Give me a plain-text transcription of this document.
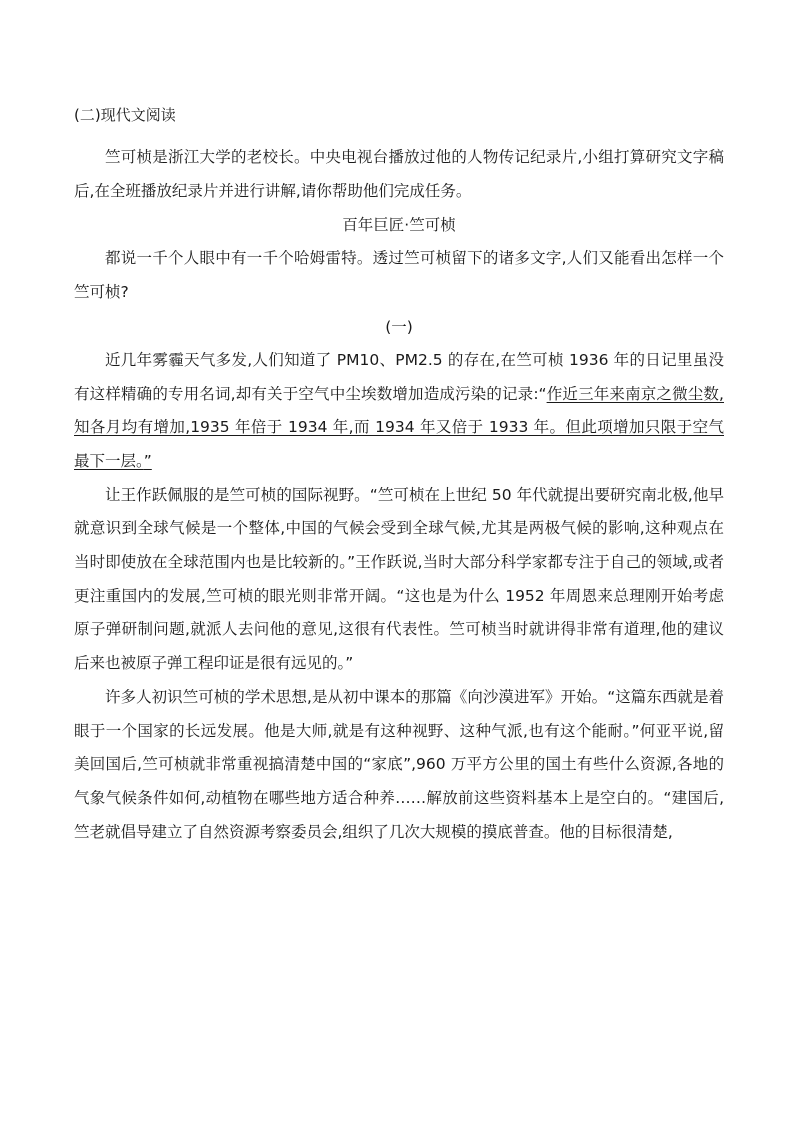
(二)现代文阅读

竺可桢是浙江大学的老校长。中央电视台播放过他的人物传记纪录片,小组打算研究文字稿后,在全班播放纪录片并进行讲解,请你帮助他们完成任务。

百年巨匠·竺可桢

都说一千个人眼中有一千个哈姆雷特。透过竺可桢留下的诸多文字,人们又能看出怎样一个竺可桢?

(一)

近几年雾霾天气多发,人们知道了 PM10、PM2.5 的存在,在竺可桢 1936 年的日记里虽没有这样精确的专用名词,却有关于空气中尘埃数增加造成污染的记录:“作近三年来南京之微尘数,知各月均有增加,1935 年倍于 1934 年,而 1934 年又倍于 1933 年。但此项增加只限于空气最下一层。”

让王作跃佩服的是竺可桢的国际视野。“竺可桢在上世纪 50 年代就提出要研究南北极,他早就意识到全球气候是一个整体,中国的气候会受到全球气候,尤其是两极气候的影响,这种观点在当时即使放在全球范围内也是比较新的。”王作跃说,当时大部分科学家都专注于自己的领域,或者更注重国内的发展,竺可桢的眼光则非常开阔。“这也是为什么 1952 年周恩来总理刚开始考虑原子弹研制问题,就派人去问他的意见,这很有代表性。竺可桢当时就讲得非常有道理,他的建议后来也被原子弹工程印证是很有远见的。”

许多人初识竺可桢的学术思想,是从初中课本的那篇《向沙漠进军》开始。“这篇东西就是着眼于一个国家的长远发展。他是大师,就是有这种视野、这种气派,也有这个能耐。”何亚平说,留美回国后,竺可桢就非常重视搞清楚中国的“家底”,960 万平方公里的国土有些什么资源,各地的气象气候条件如何,动植物在哪些地方适合种养……解放前这些资料基本上是空白的。“建国后,竺老就倡导建立了自然资源考察委员会,组织了几次大规模的摸底普查。他的目标很清楚,
